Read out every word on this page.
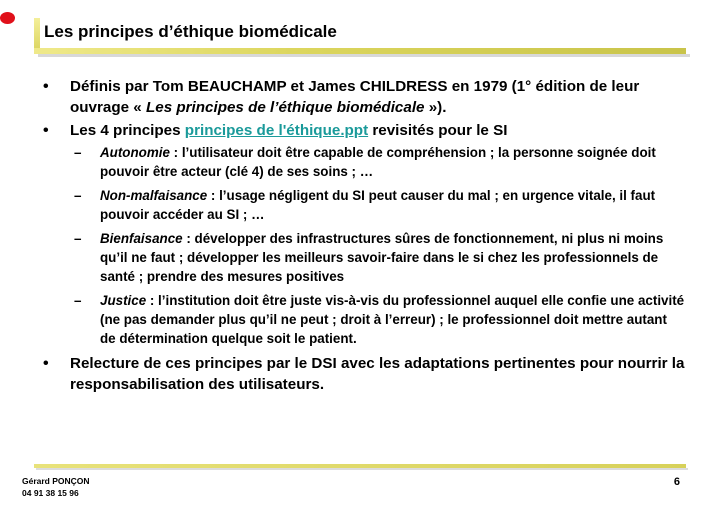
Les principes d’éthique biomédicale
• Définis par Tom BEAUCHAMP et James CHILDRESS en 1979 (1° édition de leur ouvrage « Les principes de l’éthique biomédicale »).
• Les 4 principes principes de l'éthique.ppt revisités pour le SI
– Autonomie : l’utilisateur doit être capable de compréhension ; la personne soignée doit pouvoir être acteur (clé 4) de ses soins ; …
– Non-malfaisance : l’usage négligent du SI peut causer du mal ; en urgence vitale, il faut pouvoir accéder au SI ; …
– Bienfaisance : développer des infrastructures sûres de fonctionnement, ni plus ni moins qu’il ne faut ; développer les meilleurs savoir-faire dans le si chez les professionnels de santé ; prendre des mesures positives
– Justice : l’institution doit être juste vis-à-vis du professionnel auquel elle confie une activité (ne pas demander plus qu’il ne peut ; droit à l’erreur) ; le professionnel doit mettre autant de détermination quelque soit le patient.
• Relecture de ces principes par le DSI avec les adaptations pertinentes pour nourrir la responsabilisation des utilisateurs.
Gérard PONÇON
04 91 38 15 96
6
